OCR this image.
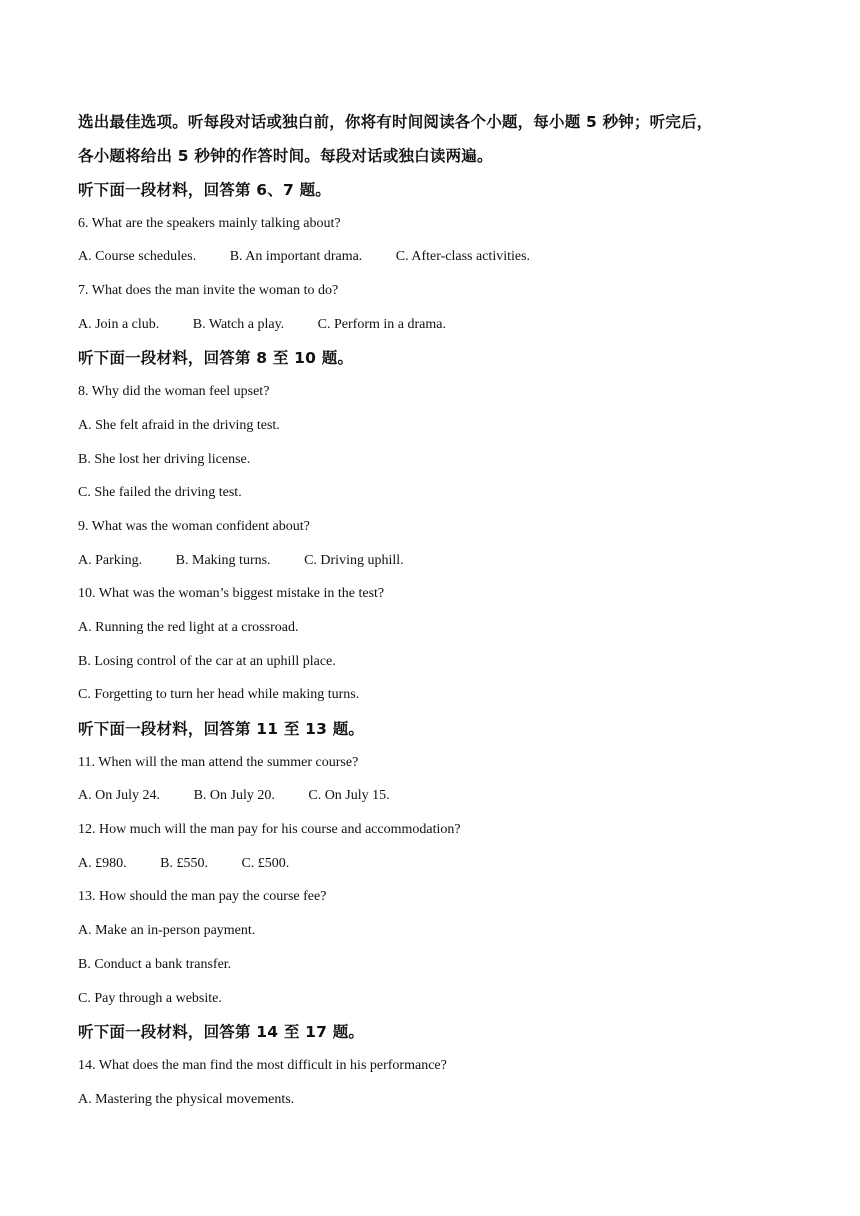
选出最佳选项。听每段对话或独白前，你将有时间阅读各个小题，每小题 5 秒钟；听完后，
各小题将给出 5 秒钟的作答时间。每段对话或独白读两遍。
听下面一段材料，回答第 6、7 题。
6. What are the speakers mainly talking about?
A. Course schedules. B. An important drama. C. After-class activities.
7. What does the man invite the woman to do?
A. Join a club. B. Watch a play. C. Perform in a drama.
听下面一段材料，回答第 8 至 10 题。
8. Why did the woman feel upset?
A. She felt afraid in the driving test.
B. She lost her driving license.
C. She failed the driving test.
9. What was the woman confident about?
A. Parking. B. Making turns. C. Driving uphill.
10. What was the woman’s biggest mistake in the test?
A. Running the red light at a crossroad.
B. Losing control of the car at an uphill place.
C. Forgetting to turn her head while making turns.
听下面一段材料，回答第 11 至 13 题。
11. When will the man attend the summer course?
A. On July 24. B. On July 20. C. On July 15.
12. How much will the man pay for his course and accommodation?
A. £980. B. £550. C. £500.
13. How should the man pay the course fee?
A. Make an in-person payment.
B. Conduct a bank transfer.
C. Pay through a website.
听下面一段材料，回答第 14 至 17 题。
14. What does the man find the most difficult in his performance?
A. Mastering the physical movements.
